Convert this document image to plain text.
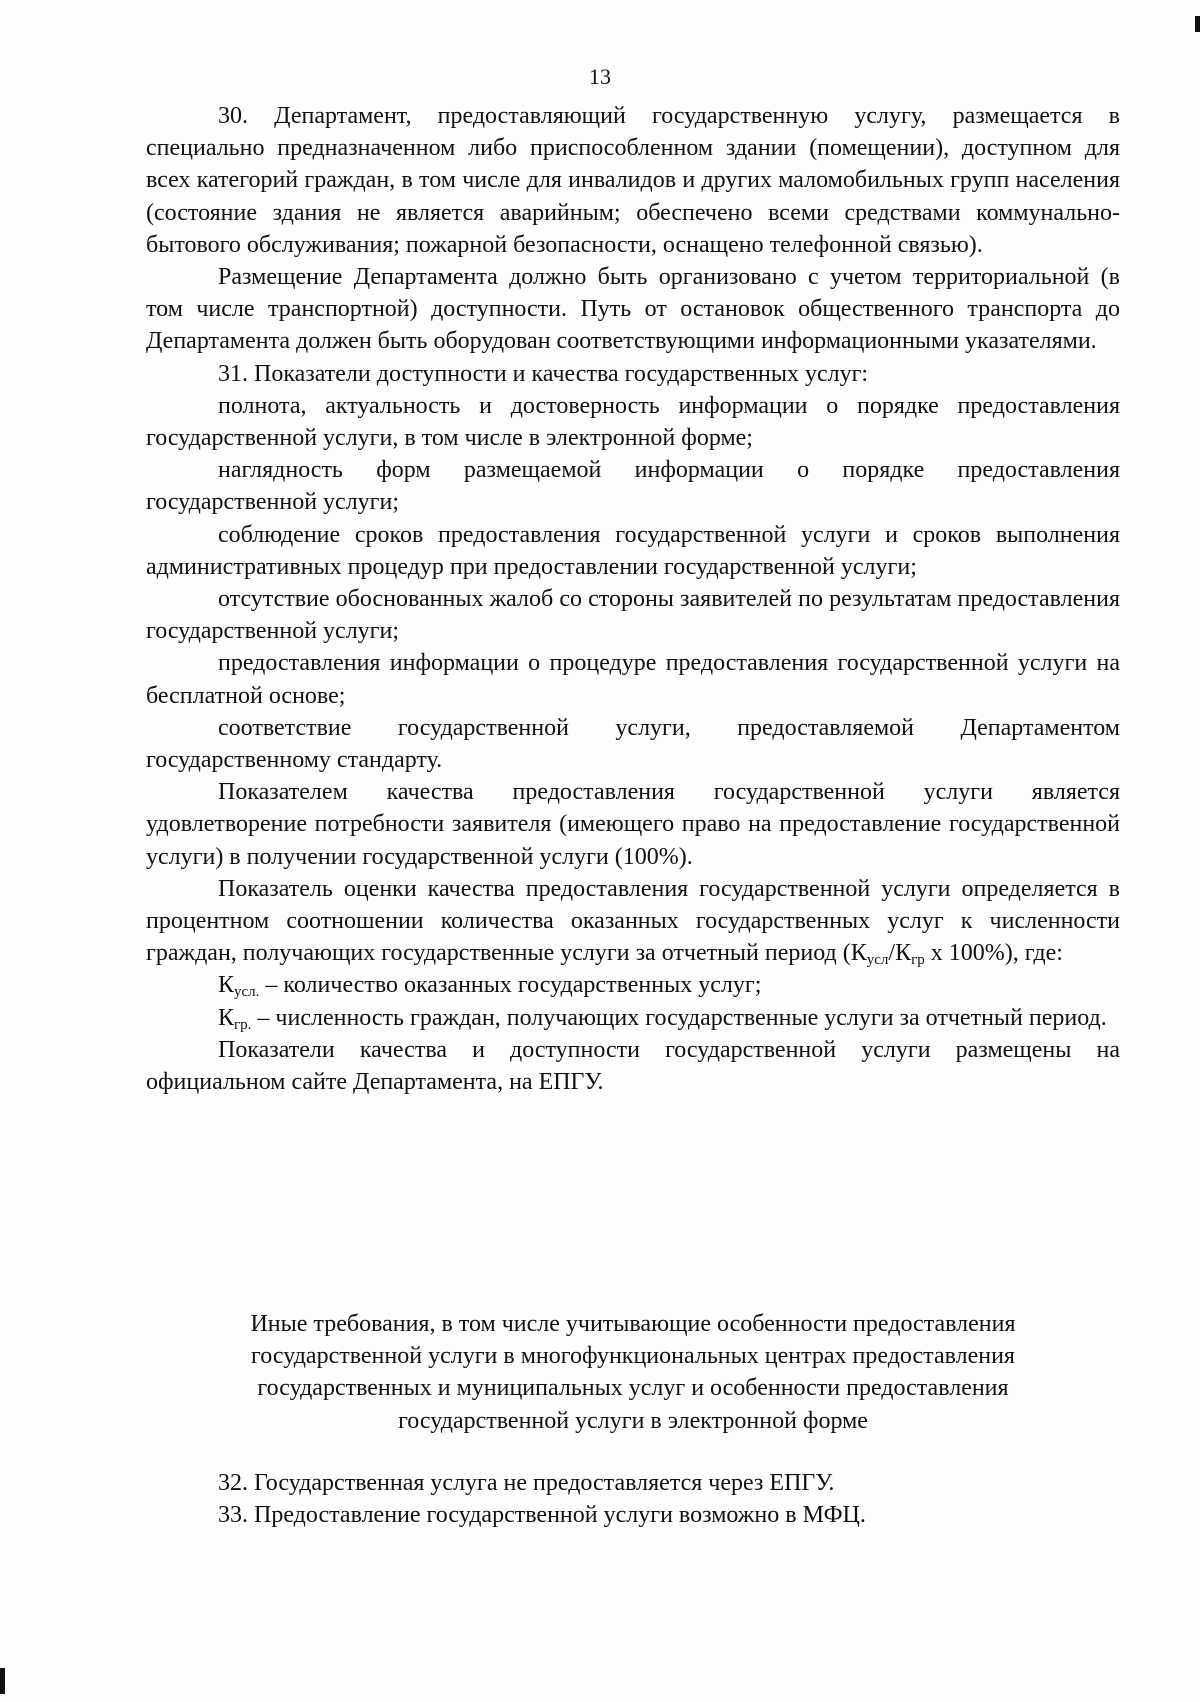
13

30. Департамент, предоставляющий государственную услугу, размещается в специально предназначенном либо приспособленном здании (помещении), доступном для всех категорий граждан, в том числе для инвалидов и других маломобильных групп населения (состояние здания не является аварийным; обеспечено всеми средствами коммунально-бытового обслуживания; пожарной безопасности, оснащено телефонной связью).

Размещение Департамента должно быть организовано с учетом территориальной (в том числе транспортной) доступности. Путь от остановок общественного транспорта до Департамента должен быть оборудован соответствующими информационными указателями.

31. Показатели доступности и качества государственных услуг:

полнота, актуальность и достоверность информации о порядке предоставления государственной услуги, в том числе в электронной форме;

наглядность форм размещаемой информации о порядке предоставления государственной услуги;

соблюдение сроков предоставления государственной услуги и сроков выполнения административных процедур при предоставлении государственной услуги;

отсутствие обоснованных жалоб со стороны заявителей по результатам предоставления государственной услуги;

предоставления информации о процедуре предоставления государственной услуги на бесплатной основе;

соответствие государственной услуги, предоставляемой Департаментом государственному стандарту.

Показателем качества предоставления государственной услуги является удовлетворение потребности заявителя (имеющего право на предоставление государственной услуги) в получении государственной услуги (100%).

Показатель оценки качества предоставления государственной услуги определяется в процентном соотношении количества оказанных государственных услуг к численности граждан, получающих государственные услуги за отчетный период ($К_{усл}/К_{гр}$ х 100%), где:

$К_{усл.}$ – количество оказанных государственных услуг;

$К_{гр.}$ – численность граждан, получающих государственные услуги за отчетный период.

Показатели качества и доступности государственной услуги размещены на официальном сайте Департамента, на ЕПГУ.

Иные требования, в том числе учитывающие особенности предоставления
государственной услуги в многофункциональных центрах предоставления
государственных и муниципальных услуг и особенности предоставления
государственной услуги в электронной форме

32. Государственная услуга не предоставляется через ЕПГУ.

33. Предоставление государственной услуги возможно в МФЦ.
